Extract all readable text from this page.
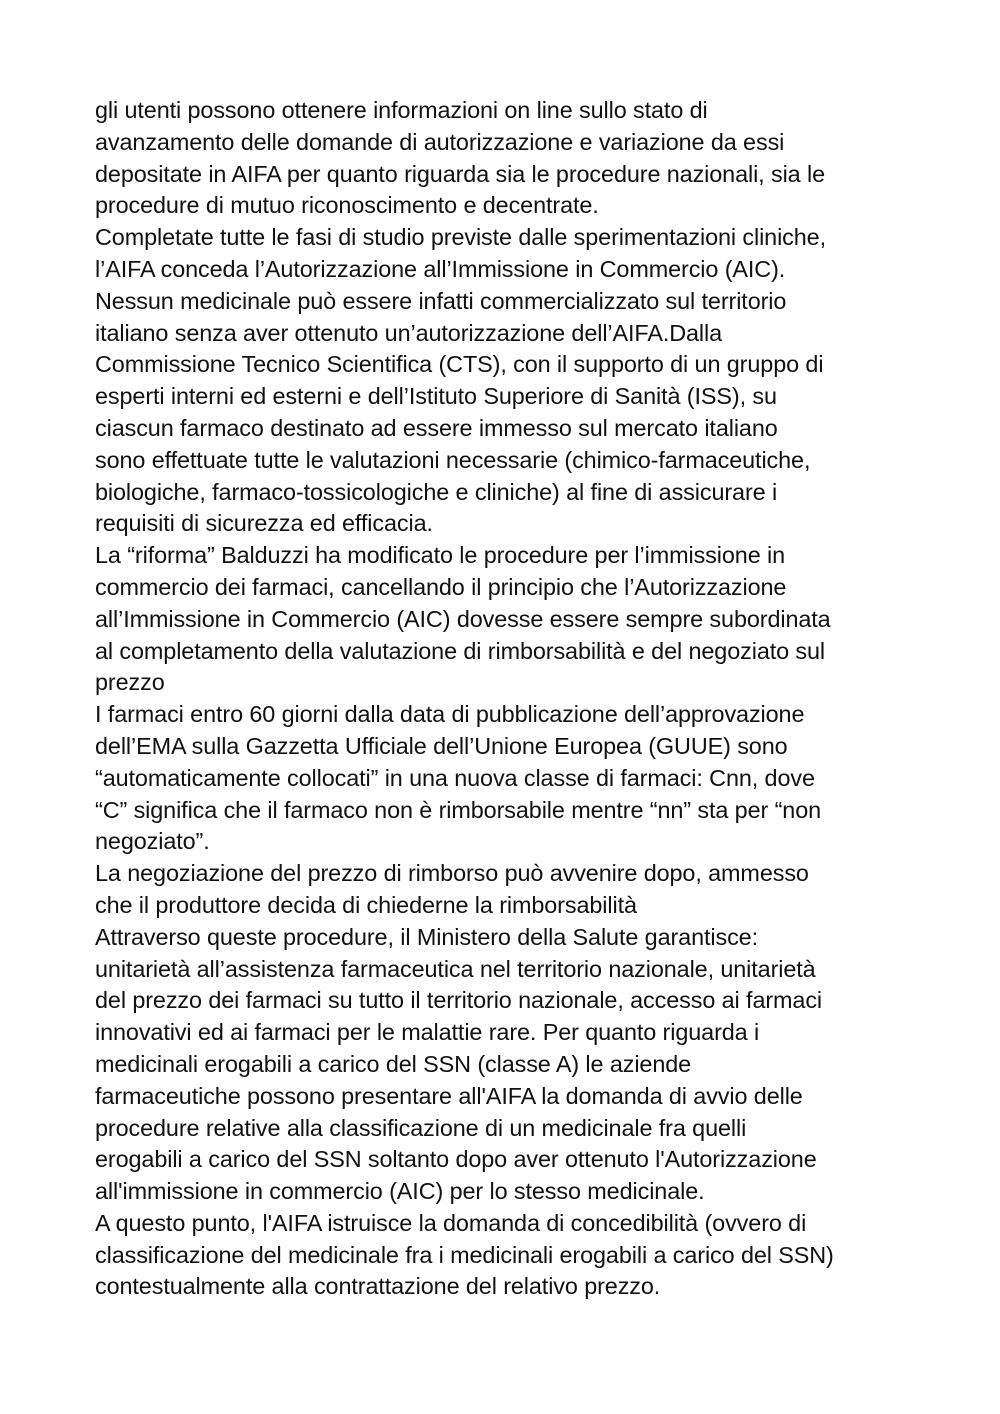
gli utenti possono ottenere informazioni on line sullo stato di
avanzamento delle domande di autorizzazione e variazione da essi
depositate in AIFA per quanto riguarda sia le procedure nazionali, sia le
procedure di mutuo riconoscimento e decentrate.
Completate tutte le fasi di studio previste dalle sperimentazioni cliniche,
l’AIFA conceda l’Autorizzazione all’Immissione in Commercio (AIC).
Nessun medicinale può essere infatti commercializzato sul territorio
italiano senza aver ottenuto un’autorizzazione dell’AIFA.Dalla
Commissione Tecnico Scientifica (CTS), con il supporto di un gruppo di
esperti interni ed esterni e dell’Istituto Superiore di Sanità (ISS), su
ciascun farmaco destinato ad essere immesso sul mercato italiano
sono effettuate tutte le valutazioni necessarie (chimico-farmaceutiche,
biologiche, farmaco-tossicologiche e cliniche) al fine di assicurare i
requisiti di sicurezza ed efficacia.
La “riforma” Balduzzi ha modificato le procedure per l’immissione in
commercio dei farmaci, cancellando il principio che l’Autorizzazione
all’Immissione in Commercio (AIC) dovesse essere sempre subordinata
al completamento della valutazione di rimborsabilità e del negoziato sul
prezzo
I farmaci entro 60 giorni dalla data di pubblicazione dell’approvazione
dell’EMA sulla Gazzetta Ufficiale dell’Unione Europea (GUUE) sono
“automaticamente collocati” in una nuova classe di farmaci: Cnn, dove
“C” significa che il farmaco non è rimborsabile mentre “nn” sta per “non
negoziato”.
La negoziazione del prezzo di rimborso può avvenire dopo, ammesso
che il produttore decida di chiederne la rimborsabilità
Attraverso queste procedure, il Ministero della Salute garantisce:
unitarietà all’assistenza farmaceutica nel territorio nazionale, unitarietà
del prezzo dei farmaci su tutto il territorio nazionale, accesso ai farmaci
innovativi ed ai farmaci per le malattie rare. Per quanto riguarda i
medicinali erogabili a carico del SSN (classe A) le aziende
farmaceutiche possono presentare all'AIFA la domanda di avvio delle
procedure relative alla classificazione di un medicinale fra quelli
erogabili a carico del SSN soltanto dopo aver ottenuto l'Autorizzazione
all'immissione in commercio (AIC) per lo stesso medicinale.
A questo punto, l'AIFA istruisce la domanda di concedibilità (ovvero di
classificazione del medicinale fra i medicinali erogabili a carico del SSN)
contestualmente alla contrattazione del relativo prezzo.
